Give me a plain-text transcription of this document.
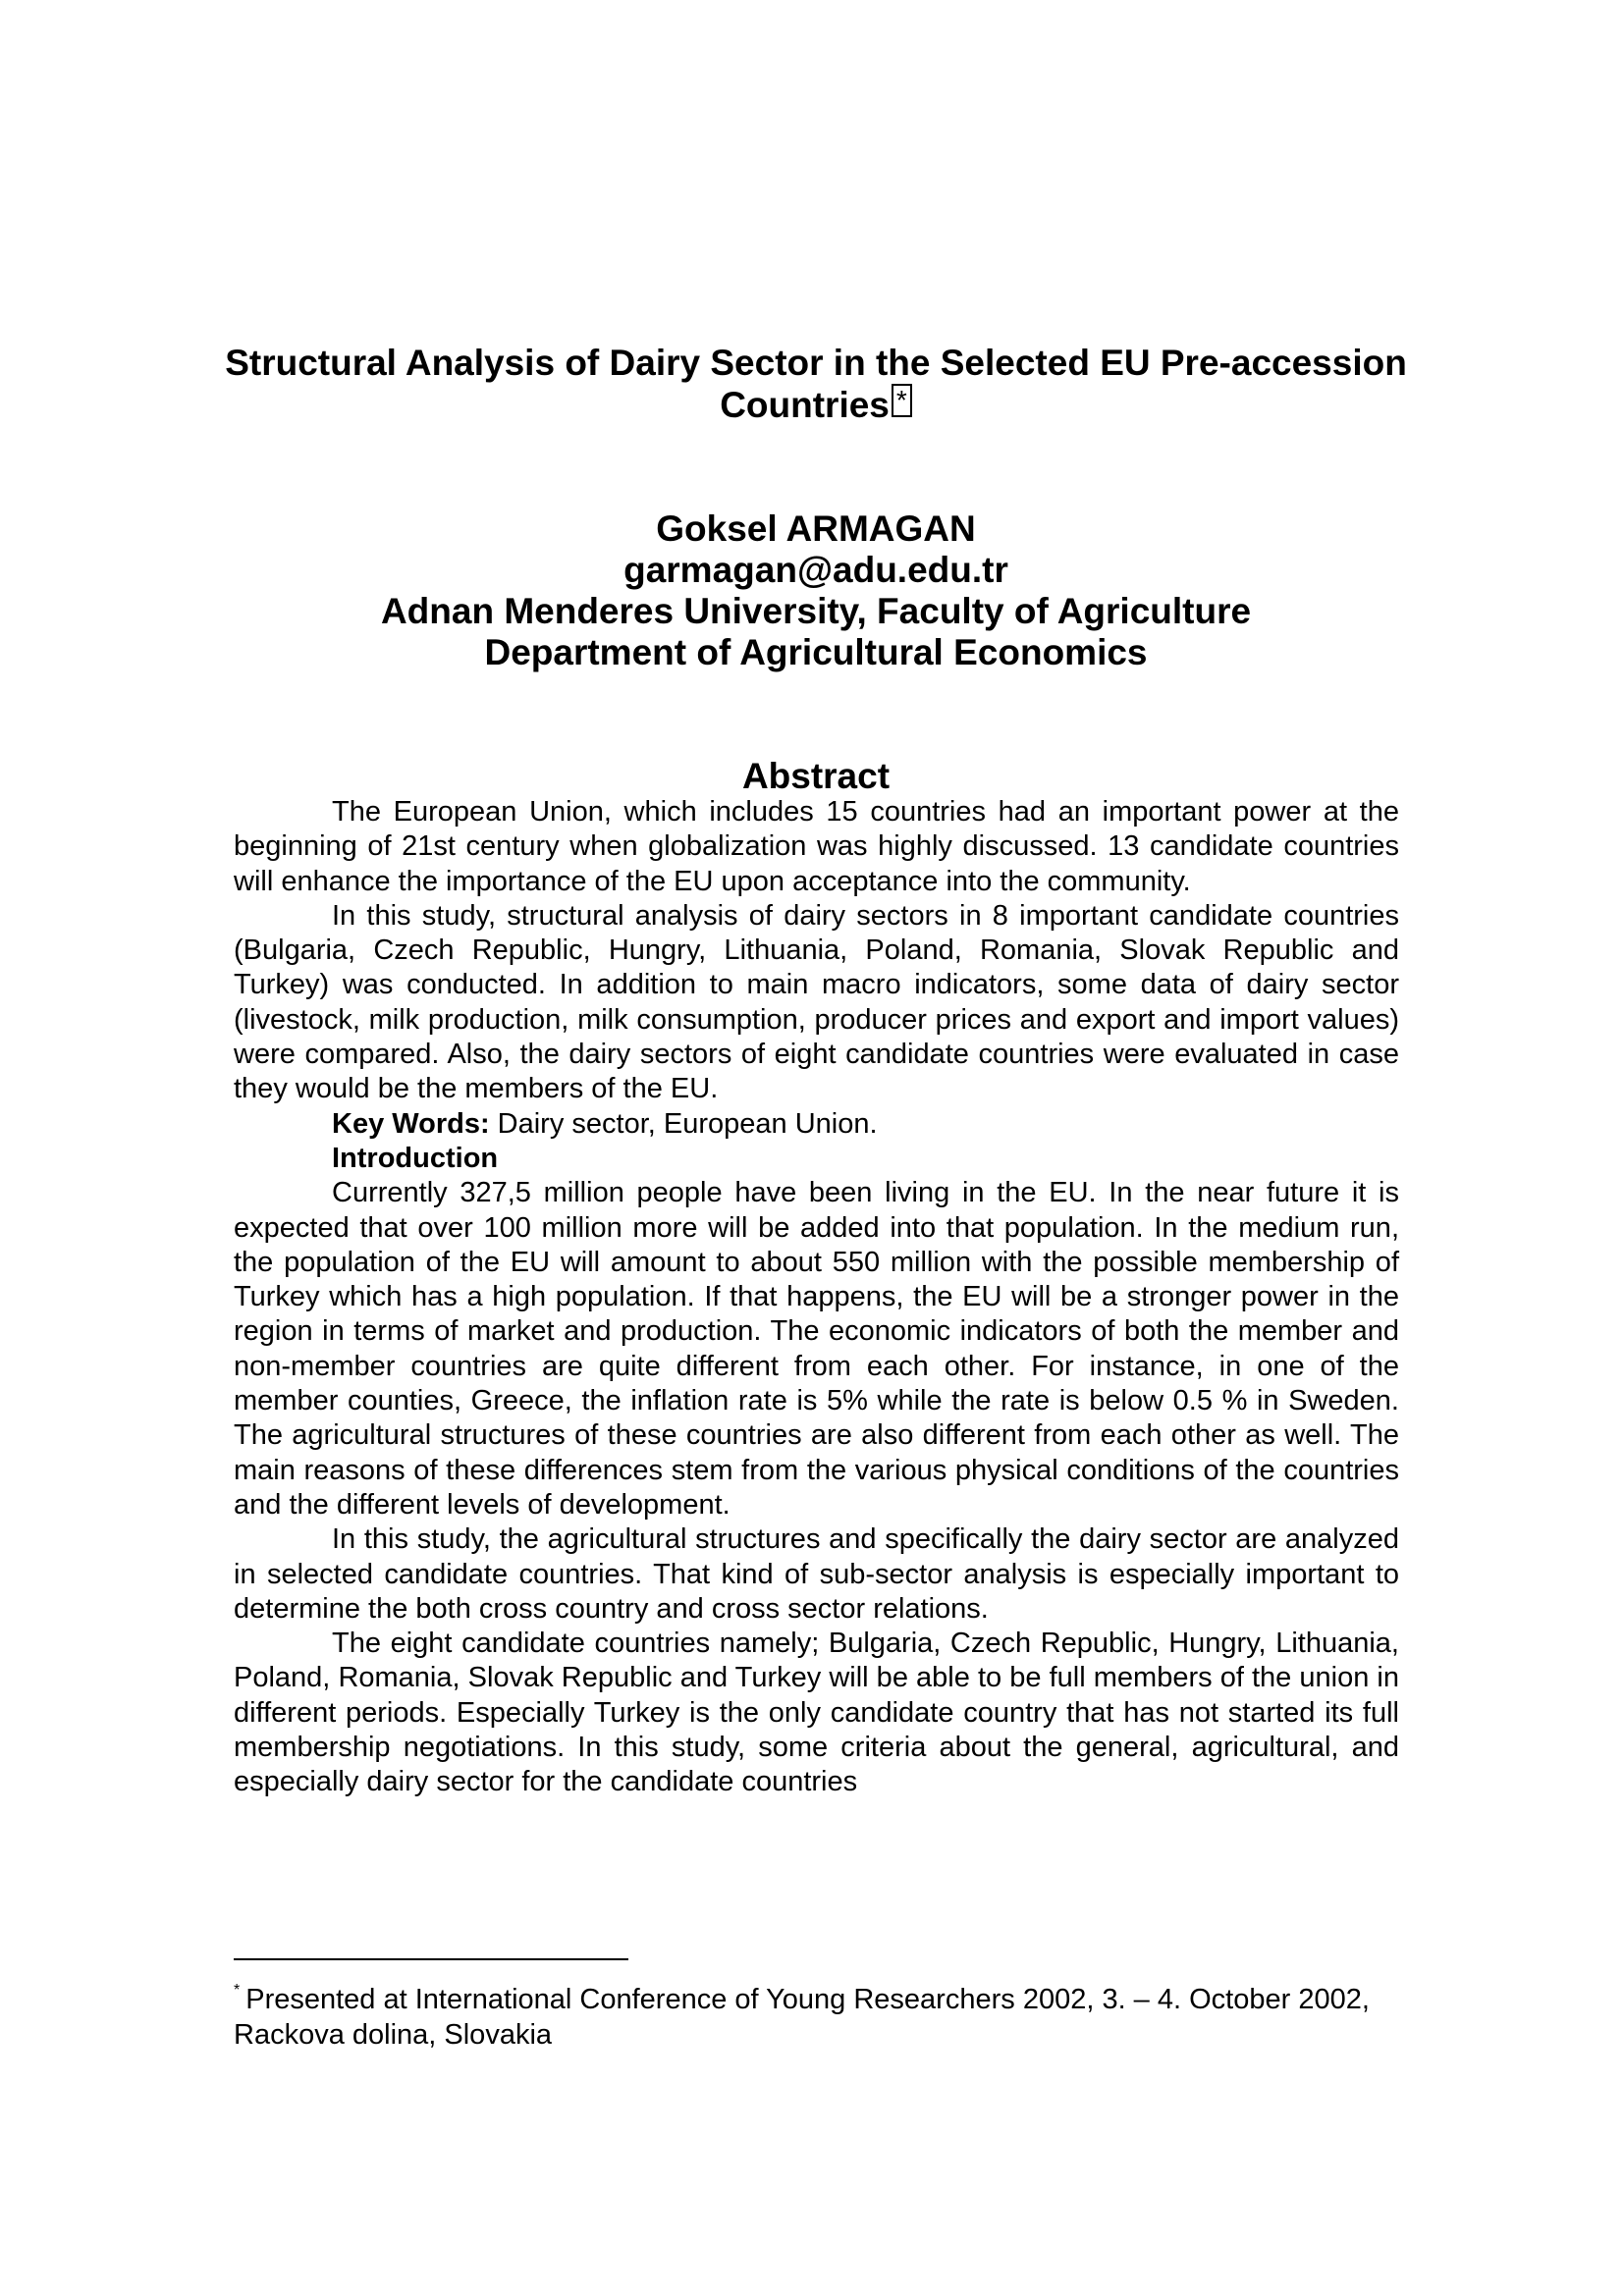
Structural Analysis of Dairy Sector in the Selected EU Pre-accession
Countries *
Goksel ARMAGAN
garmagan@adu.edu.tr
Adnan Menderes University, Faculty of Agriculture
Department of Agricultural Economics
Abstract

The European Union, which includes 15 countries had an important power at the beginning of 21st century when globalization was highly discussed. 13 candidate countries will enhance the importance of the EU upon acceptance into the community.

In this study, structural analysis of dairy sectors in 8 important candidate countries (Bulgaria, Czech Republic, Hungry, Lithuania, Poland, Romania, Slovak Republic and Turkey) was conducted. In addition to main macro indicators, some data of dairy sector (livestock, milk production, milk consumption, producer prices and export and import values) were compared. Also, the dairy sectors of eight candidate countries were evaluated in case they would be the members of the EU.

Key Words: Dairy sector, European Union.

Introduction

Currently 327,5 million people have been living in the EU. In the near future it is expected that over 100 million more will be added into that population. In the medium run, the population of the EU will amount to about 550 million with the possible membership of Turkey which has a high population. If that happens, the EU will be a stronger power in the region in terms of market and production. The economic indicators of both the member and non-member countries are quite different from each other. For instance, in one of the member counties, Greece, the inflation rate is 5% while the rate is below 0.5 % in Sweden. The agricultural structures of these countries are also different from each other as well. The main reasons of these differences stem from the various physical conditions of the countries and the different levels of development.

In this study, the agricultural structures and specifically the dairy sector are analyzed in selected candidate countries. That kind of sub-sector analysis is especially important to determine the both cross country and cross sector relations.

The eight candidate countries namely; Bulgaria, Czech Republic, Hungry, Lithuania, Poland, Romania, Slovak Republic and Turkey will be able to be full members of the union in different periods. Especially Turkey is the only candidate country that has not started its full membership negotiations. In this study, some criteria about the general, agricultural, and especially dairy sector for the candidate countries

* Presented at International Conference of Young Researchers 2002, 3. – 4. October 2002, Rackova dolina, Slovakia
